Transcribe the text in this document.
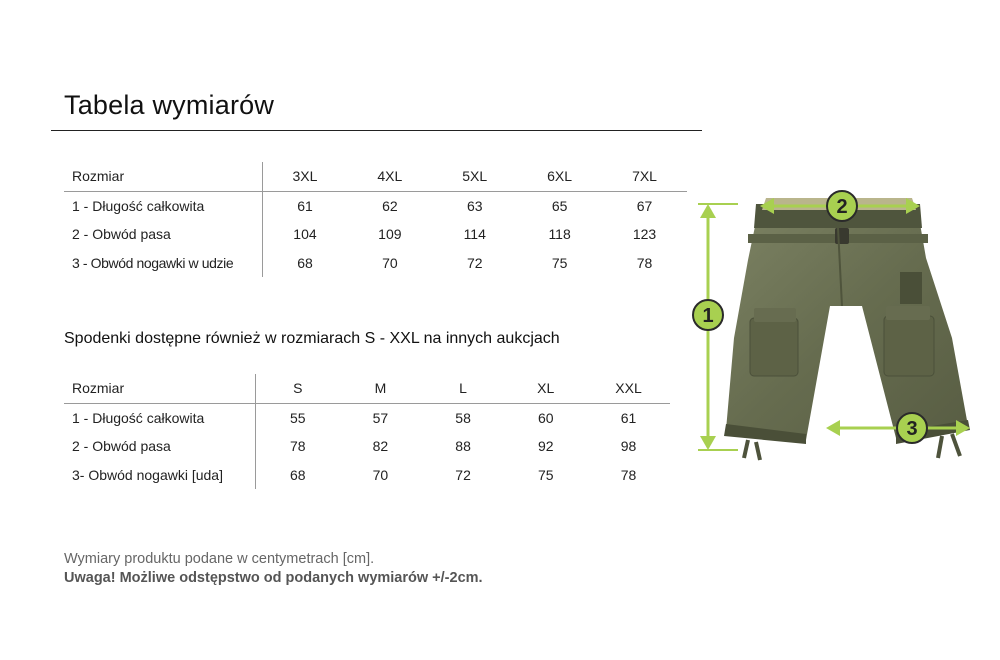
Tabela wymiarów
Rozmiar	3XL	4XL	5XL	6XL	7XL
1 - Długość całkowita	61	62	63	65	67
2 - Obwód pasa	104	109	114	118	123
3 - Obwód nogawki w udzie	68	70	72	75	78
Spodenki dostępne również w rozmiarach S - XXL na innych aukcjach
Rozmiar	S	M	L	XL	XXL
1 - Długość całkowita	55	57	58	60	61
2 - Obwód pasa	78	82	88	92	98
3- Obwód nogawki [uda]	68	70	72	75	78
Wymiary produktu podane w centymetrach [cm].
Uwaga! Możliwe odstępstwo od podanych wymiarów +/-2cm.
1
2
3
